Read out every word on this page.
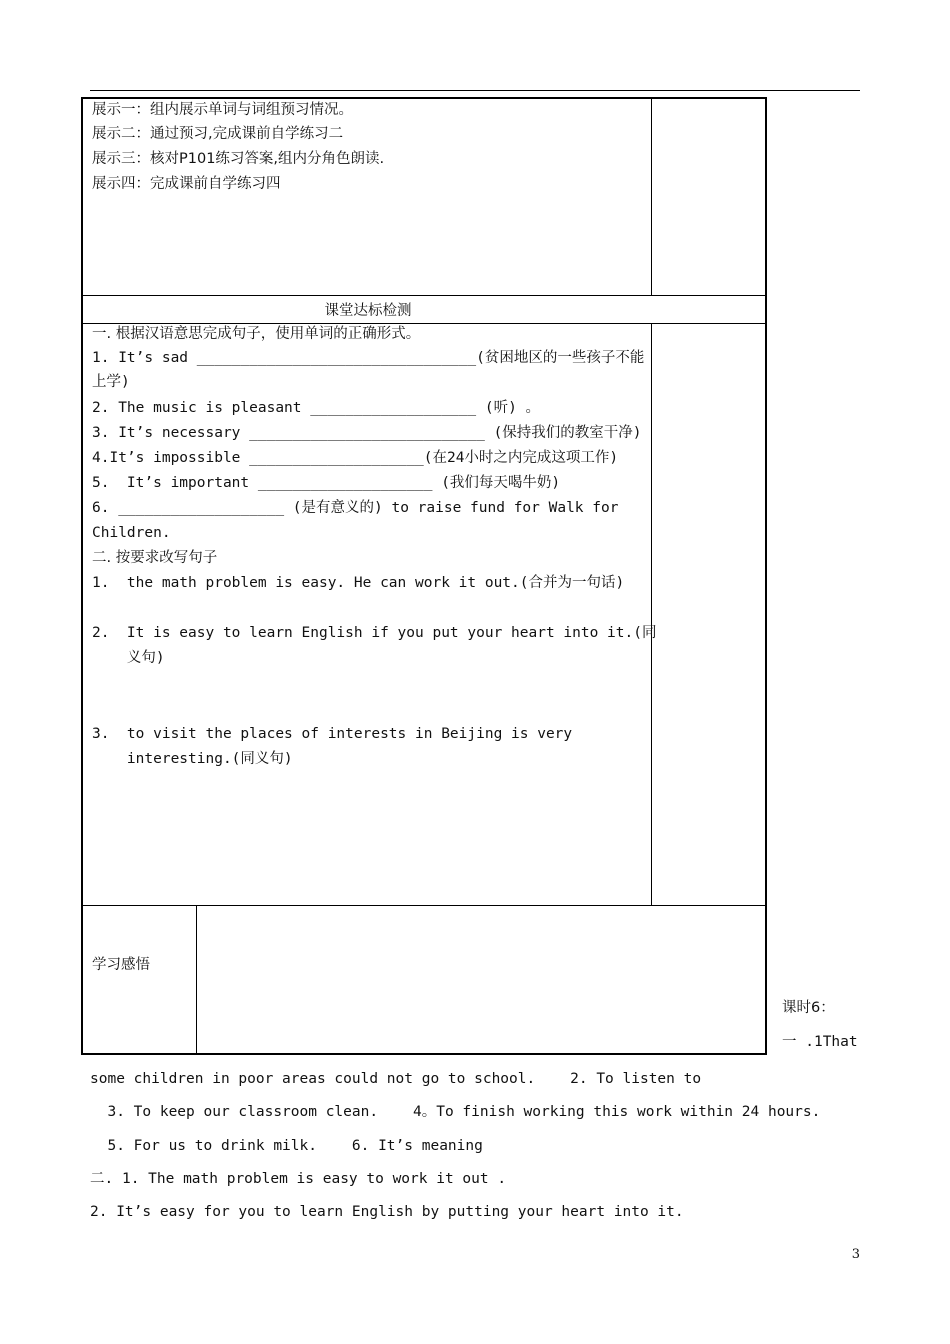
展示一：组内展示单词与词组预习情况。
展示二：通过预习,完成课前自学练习二
展示三：核对P101练习答案,组内分角色朗读.
展示四：完成课前自学练习四
课堂达标检测
一. 根据汉语意思完成句子，使用单词的正确形式。
1. It’s sad ________________________________(贫困地区的一些孩子不能
上学)
2. The music is pleasant ___________________ (听) 。
3. It’s necessary ___________________________ (保持我们的教室干净)
4.It’s impossible ____________________(在24小时之内完成这项工作)
5.  It’s important ____________________ (我们每天喝牛奶)
6. ___________________ (是有意义的) to raise fund for Walk for
Children.
二. 按要求改写句子
1.  the math problem is easy. He can work it out.(合并为一句话)
2.  It is easy to learn English if you put your heart into it.(同
义句)
3.  to visit the places of interests in Beijing is very
interesting.(同义句)
学习感悟
课时6：
一 .1That
some children in poor areas could not go to school.    2. To listen to
3. To keep our classroom clean.    4。To finish working this work within 24 hours.
5. For us to drink milk.    6. It’s meaning
二. 1. The math problem is easy to work it out .
2. It’s easy for you to learn English by putting your heart into it.
3
